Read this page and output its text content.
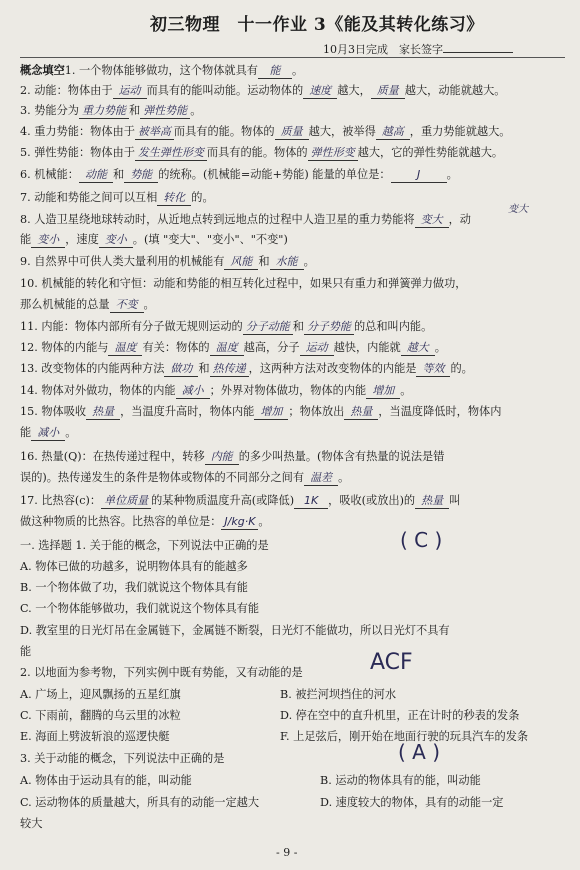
初三物理　十一作业 3《能及其转化练习》
10月3日完成　家长签字
概念填空1. 一个物体能够做功，这个物体就具有 能 。
2. 动能：物体由于 运动 而具有的能叫动能。运动物体的 速度 越大， 质量 越大，动能就越大。
3. 势能分为 重力势能 和 弹性势能 。
4. 重力势能：物体由于 被举高 而具有的能。物体的 质量 越大，被举得 越高 ，重力势能就越大。
5. 弹性势能：物体由于 发生弹性形变 而具有的能。物体的 弹性形变 越大，它的弹性势能就越大。
6. 机械能： 动能 和 势能 的统称。(机械能=动能+势能) 能量的单位是： J 。
7. 动能和势能之间可以互相 转化 的。
变大
8. 人造卫星绕地球转动时，从近地点转到远地点的过程中人造卫星的重力势能将 变大 ，动
能 变小 ，速度 变小 。(填 "变大"、"变小"、"不变")
9. 自然界中可供人类大量利用的机械能有 风能 和 水能 。
10. 机械能的转化和守恒：动能和势能的相互转化过程中，如果只有重力和弹簧弹力做功，
那么机械能的总量 不变 。
11. 内能：物体内部所有分子做无规则运动的 分子动能 和 分子势能 的总和叫内能。
12. 物体的内能与 温度 有关：物体的 温度 越高，分子 运动 越快，内能就 越大 。
13. 改变物体的内能两种方法 做功 和 热传递 ，这两种方法对改变物体的内能是 等效 的。
14. 物体对外做功，物体的内能 减小 ；外界对物体做功，物体的内能 增加 。
15. 物体吸收 热量 ，当温度升高时，物体内能 增加 ；物体放出 热量 ，当温度降低时，物体内
能 减小 。
16. 热量(Q)：在热传递过程中，转移 内能 的多少叫热量。(物体含有热量的说法是错
误的)。热传递发生的条件是物体或物体的不同部分之间有 温差 。
17. 比热容(c)： 单位质量 的某种物质温度升高(或降低) 1K ，吸收(或放出)的 热量 叫
做这种物质的比热容。比热容的单位是： J/kg·K 。
一. 选择题 1. 关于能的概念，下列说法中正确的是	( C )
A. 物体已做的功越多，说明物体具有的能越多
B. 一个物体做了功，我们就说这个物体具有能
C. 一个物体能够做功，我们就说这个物体具有能
D. 教室里的日光灯吊在金属链下，金属链不断裂，日光灯不能做功，所以日光灯不具有
能
2. 以地面为参考物，下列实例中既有势能，又有动能的是	ACF
A. 广场上，迎风飘扬的五星红旗	B. 被拦河坝挡住的河水
C. 下雨前，翻腾的乌云里的冰粒	D. 停在空中的直升机里，正在计时的秒表的发条
E. 海面上劈波斩浪的巡逻快艇	F. 上足弦后，刚开始在地面行驶的玩具汽车的发条
3. 关于动能的概念，下列说法中正确的是	( A )
A. 物体由于运动具有的能，叫动能	B. 运动的物体具有的能，叫动能
C. 运动物体的质量越大，所具有的动能一定越大	D. 速度较大的物体，具有的动能一定
较大
- 9 -
